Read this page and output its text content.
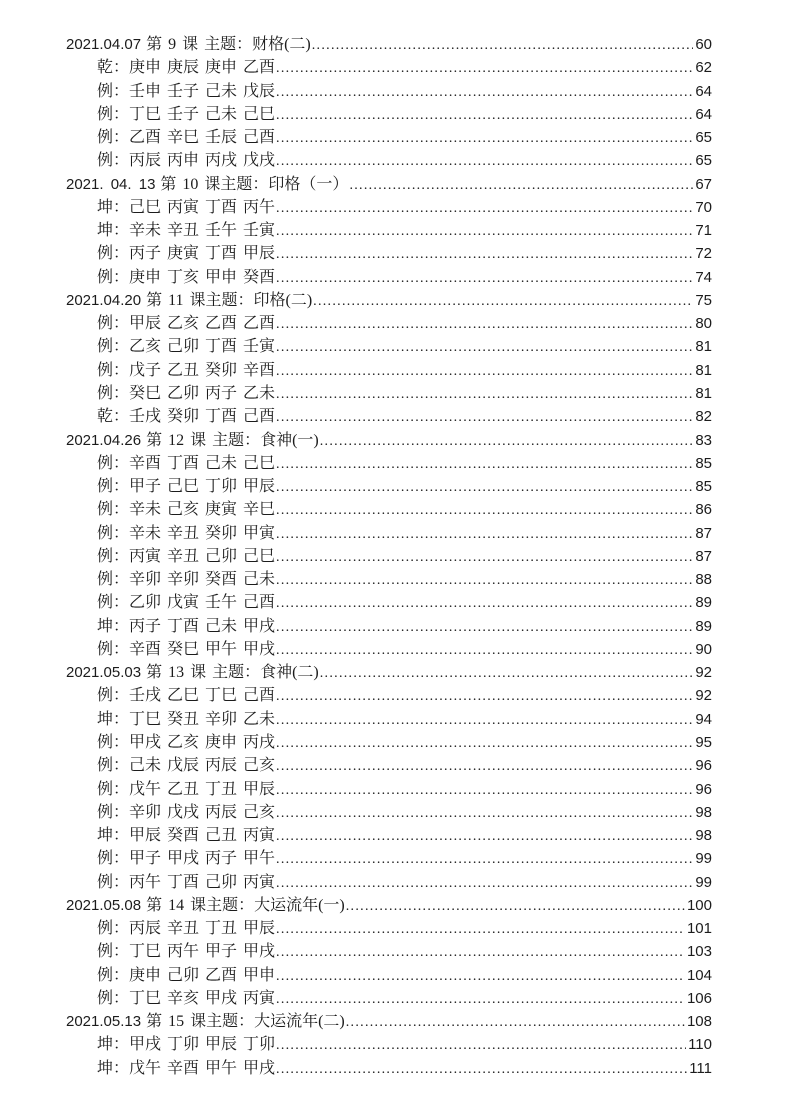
2021.04.07 第 9 课 主题：财格(二) .....	60
乾：庚申 庚辰 庚申 乙酉 .....	62
例：壬申 壬子 己未 戊辰 .....	64
例：丁巳 壬子 己未 己巳 .....	64
例：乙酉 辛巳 壬辰 己酉 .....	65
例：丙辰 丙申 丙戌 戊戌 .....	65
2021. 04. 13 第 10 课主题：印格（一） .....	67
坤：己巳 丙寅 丁酉 丙午 .....	70
坤：辛未 辛丑 壬午 壬寅 .....	71
例：丙子 庚寅 丁酉 甲辰 .....	72
例：庚申 丁亥 甲申 癸酉 .....	74
2021.04.20 第 11 课主题：印格(二) .....	75
例：甲辰 乙亥 乙酉 乙酉 .....	80
例：乙亥 己卯 丁酉 壬寅 .....	81
例：戊子 乙丑 癸卯 辛酉 .....	81
例：癸巳 乙卯 丙子 乙未 .....	81
乾：壬戌 癸卯 丁酉 己酉 .....	82
2021.04.26 第 12 课 主题：食神(一) .....	83
例：辛酉 丁酉 己未 己巳 .....	85
例：甲子 己巳 丁卯 甲辰 .....	85
例：辛未 己亥 庚寅 辛巳 .....	86
例：辛未 辛丑 癸卯 甲寅 .....	87
例：丙寅 辛丑 己卯 己巳 .....	87
例：辛卯 辛卯 癸酉 己未 .....	88
例：乙卯 戊寅 壬午 己酉 .....	89
坤：丙子 丁酉 己未 甲戌 .....	89
例：辛酉 癸巳 甲午 甲戌 .....	90
2021.05.03 第 13 课 主题：食神(二) .....	92
例：壬戌 乙巳 丁巳 己酉 .....	92
坤：丁巳 癸丑 辛卯 乙未 .....	94
例：甲戌 乙亥 庚申 丙戌 .....	95
例：己未 戊辰 丙辰 己亥 .....	96
例：戊午 乙丑 丁丑 甲辰 .....	96
例：辛卯 戊戌 丙辰 己亥 .....	98
坤：甲辰 癸酉 己丑 丙寅 .....	98
例：甲子 甲戌 丙子 甲午 .....	99
例：丙午 丁酉 己卯 丙寅 .....	99
2021.05.08 第 14 课主题：大运流年(一) .....	100
例：丙辰 辛丑 丁丑 甲辰 .....	101
例：丁巳 丙午 甲子 甲戌 .....	103
例：庚申 己卯 乙酉 甲申 .....	104
例：丁巳 辛亥 甲戌 丙寅 .....	106
2021.05.13 第 15 课主题：大运流年(二) .....	108
坤：甲戌 丁卯 甲辰 丁卯 .....	110
坤：戊午 辛酉 甲午 甲戌 .....	111
